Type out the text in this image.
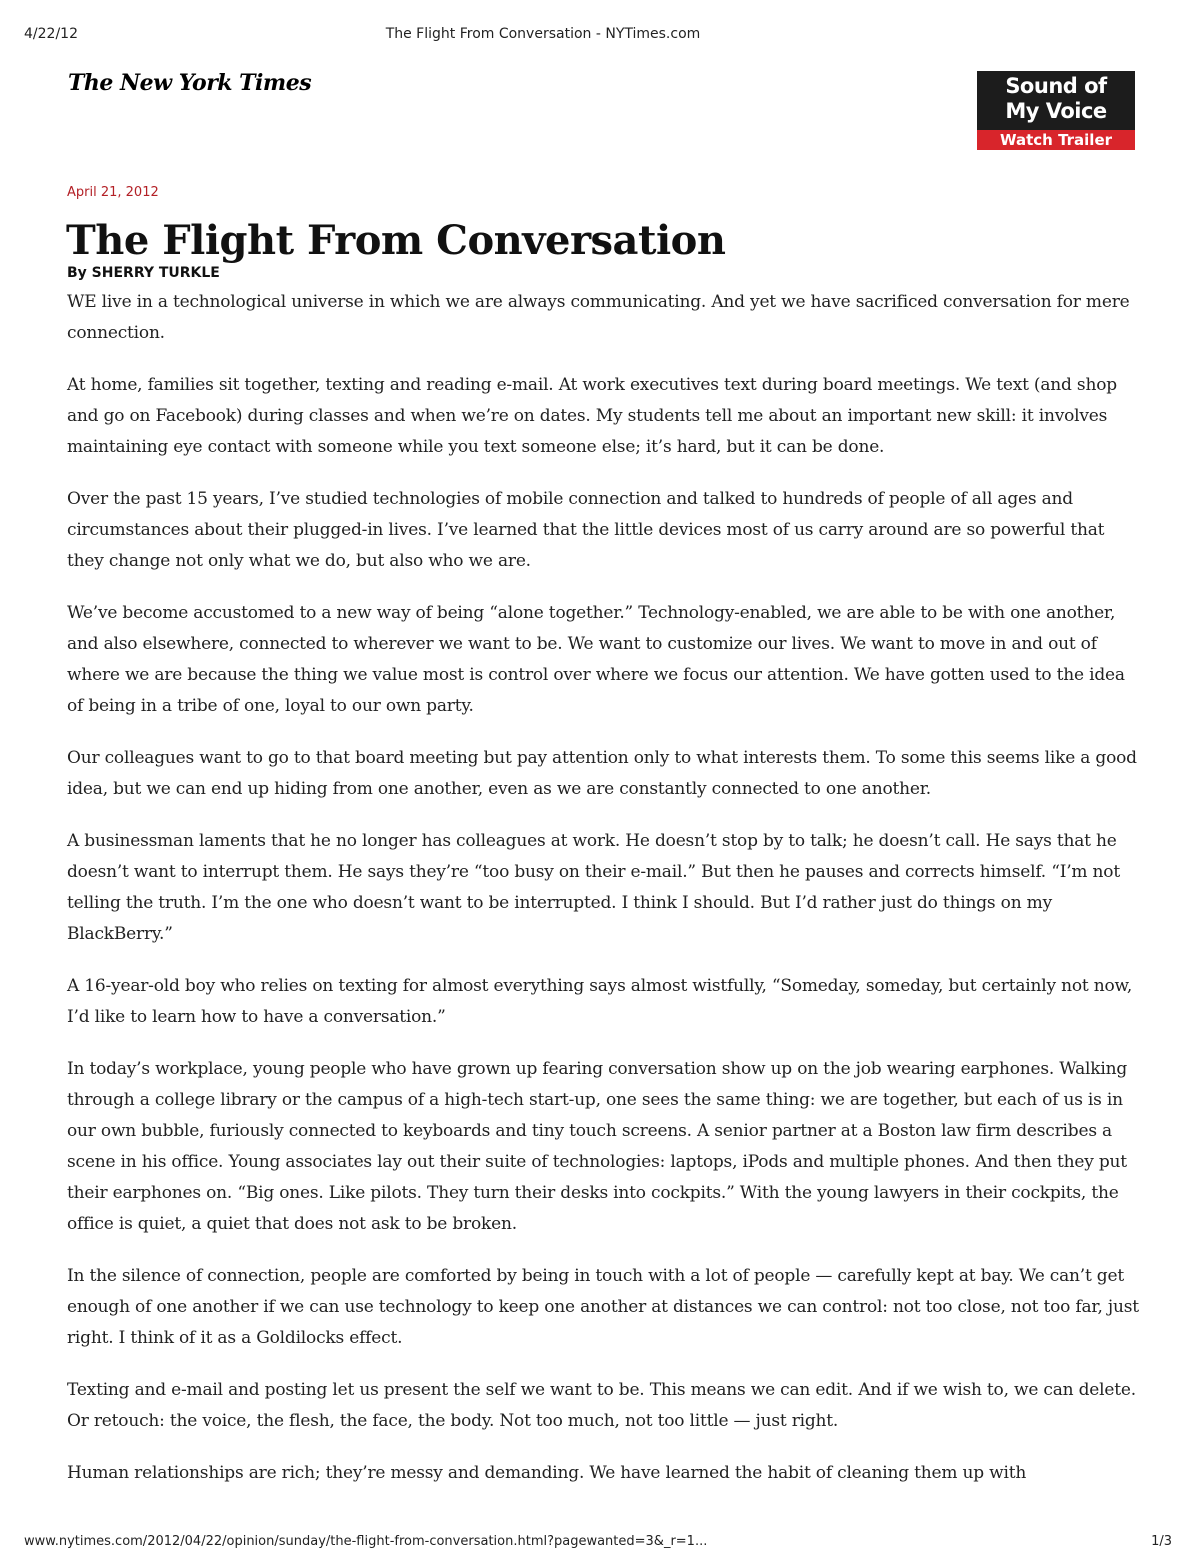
4/22/12	The Flight From Conversation - NYTimes.com
The New York Times	Sound of
My Voice
Watch Trailer
April 21, 2012
The Flight From Conversation
By SHERRY TURKLE

WE live in a technological universe in which we are always communicating. And yet we have sacrificed conversation for mere connection.

At home, families sit together, texting and reading e-mail. At work executives text during board meetings. We text (and shop and go on Facebook) during classes and when we’re on dates. My students tell me about an important new skill: it involves maintaining eye contact with someone while you text someone else; it’s hard, but it can be done.

Over the past 15 years, I’ve studied technologies of mobile connection and talked to hundreds of people of all ages and circumstances about their plugged-in lives. I’ve learned that the little devices most of us carry around are so powerful that they change not only what we do, but also who we are.

We’ve become accustomed to a new way of being “alone together.” Technology-enabled, we are able to be with one another, and also elsewhere, connected to wherever we want to be. We want to customize our lives. We want to move in and out of where we are because the thing we value most is control over where we focus our attention. We have gotten used to the idea of being in a tribe of one, loyal to our own party.

Our colleagues want to go to that board meeting but pay attention only to what interests them. To some this seems like a good idea, but we can end up hiding from one another, even as we are constantly connected to one another.

A businessman laments that he no longer has colleagues at work. He doesn’t stop by to talk; he doesn’t call. He says that he doesn’t want to interrupt them. He says they’re “too busy on their e-mail.” But then he pauses and corrects himself. “I’m not telling the truth. I’m the one who doesn’t want to be interrupted. I think I should. But I’d rather just do things on my BlackBerry.”

A 16-year-old boy who relies on texting for almost everything says almost wistfully, “Someday, someday, but certainly not now, I’d like to learn how to have a conversation.”

In today’s workplace, young people who have grown up fearing conversation show up on the job wearing earphones. Walking through a college library or the campus of a high-tech start-up, one sees the same thing: we are together, but each of us is in our own bubble, furiously connected to keyboards and tiny touch screens. A senior partner at a Boston law firm describes a scene in his office. Young associates lay out their suite of technologies: laptops, iPods and multiple phones. And then they put their earphones on. “Big ones. Like pilots. They turn their desks into cockpits.” With the young lawyers in their cockpits, the office is quiet, a quiet that does not ask to be broken.

In the silence of connection, people are comforted by being in touch with a lot of people — carefully kept at bay. We can’t get enough of one another if we can use technology to keep one another at distances we can control: not too close, not too far, just right. I think of it as a Goldilocks effect.

Texting and e-mail and posting let us present the self we want to be. This means we can edit. And if we wish to, we can delete. Or retouch: the voice, the flesh, the face, the body. Not too much, not too little — just right.

Human relationships are rich; they’re messy and demanding. We have learned the habit of cleaning them up with

www.nytimes.com/2012/04/22/opinion/sunday/the-flight-from-conversation.html?pagewanted=3&_r=1...	1/3
